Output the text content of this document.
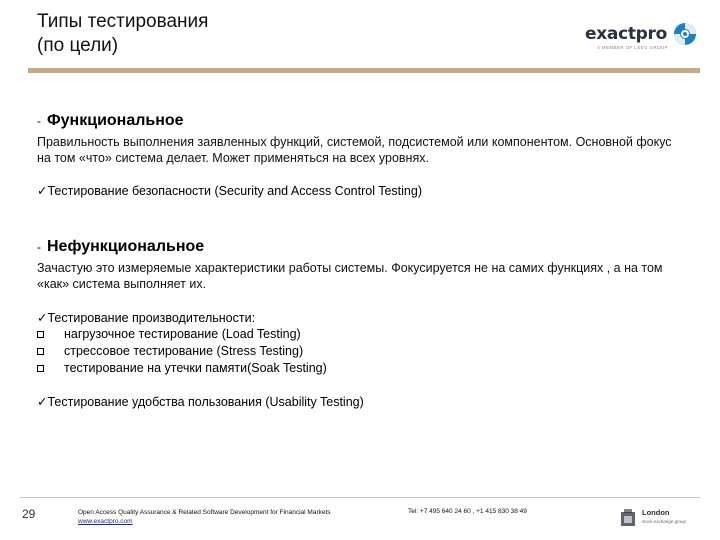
Типы тестирования
(по цели)
exactpro
A MEMBER OF LSEG GROUP
- Функциональное
Правильность выполнения заявленных функций, системой, подсистемой или компонентом. Основной фокус на том «что» система делает. Может применяться на всех уровнях.
✓Тестирование безопасности (Security and Access Control Testing)
- Нефункциональное
Зачастую это измеряемые характеристики работы системы. Фокусируется не на самих функциях , а на том «как» система выполняет их.
✓Тестирование производительности:
нагрузочное тестирование (Load Testing)
стрессовое тестирование (Stress Testing)
тестирование на утечки памяти(Soak Testing)
✓Тестирование удобства пользования (Usability Testing)
29	Open Access Quality Assurance & Related Software Development for Financial Markets
www.exactpro.com
Tel: +7 495 640 24 60 , +1 415 830 38 49	London
stock exchange group
